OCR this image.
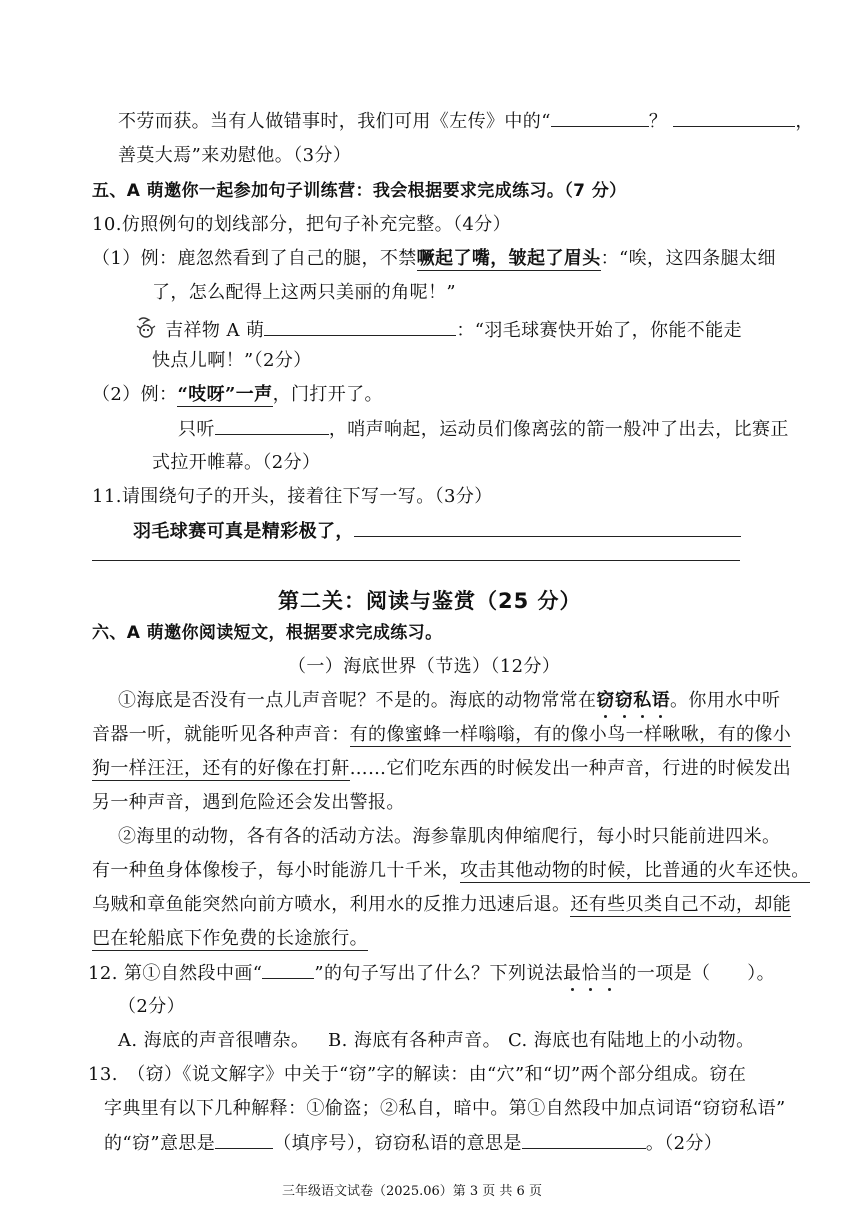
不劳而获。当有人做错事时，我们可用《左传》中的“	？	，
善莫大焉”来劝慰他。（3分）
五、A 萌邀你一起参加句子训练营：我会根据要求完成练习。（7 分）
10.仿照例句的划线部分，把句子补充完整。（4分）
（1）例：鹿忽然看到了自己的腿，不禁噘起了嘴，皱起了眉头：“唉，这四条腿太细
了，怎么配得上这两只美丽的角呢！”
吉祥物 A 萌	：“羽毛球赛快开始了，你能不能走
快点儿啊！”（2分）
（2）例：“吱呀”一声，门打开了。
只听	，哨声响起，运动员们像离弦的箭一般冲了出去，比赛正
式拉开帷幕。（2分）
11.请围绕句子的开头，接着往下写一写。（3分）
羽毛球赛可真是精彩极了，
第二关：阅读与鉴赏（25 分）
六、A 萌邀你阅读短文，根据要求完成练习。
（一）海底世界（节选）（12分）
①海底是否没有一点儿声音呢？不是的。海底的动物常常在窃窃私语。你用水中听
音器一听，就能听见各种声音：有的像蜜蜂一样嗡嗡，有的像小鸟一样啾啾，有的像小
狗一样汪汪，还有的好像在打鼾……它们吃东西的时候发出一种声音，行进的时候发出
另一种声音，遇到危险还会发出警报。
②海里的动物，各有各的活动方法。海参靠肌肉伸缩爬行，每小时只能前进四米。
有一种鱼身体像梭子，每小时能游几十千米，攻击其他动物的时候，比普通的火车还快。
乌贼和章鱼能突然向前方喷水，利用水的反推力迅速后退。还有些贝类自己不动，却能
巴在轮船底下作免费的长途旅行。
12. 第①自然段中画“	”的句子写出了什么？下列说法最恰当的一项是（　　）。
（2分）
A. 海底的声音很嘈杂。 B. 海底有各种声音。 C. 海底也有陆地上的小动物。
13.　（窃）《说文解字》中关于“窃”字的解读：由“穴”和“切”两个部分组成。窃在
字典里有以下几种解释：①偷盗；②私自，暗中。第①自然段中加点词语“窃窃私语”
的“窃”意思是	（填序号），窃窃私语的意思是	。（2分）
三年级语文试卷（2025.06）第 3 页 共 6 页
